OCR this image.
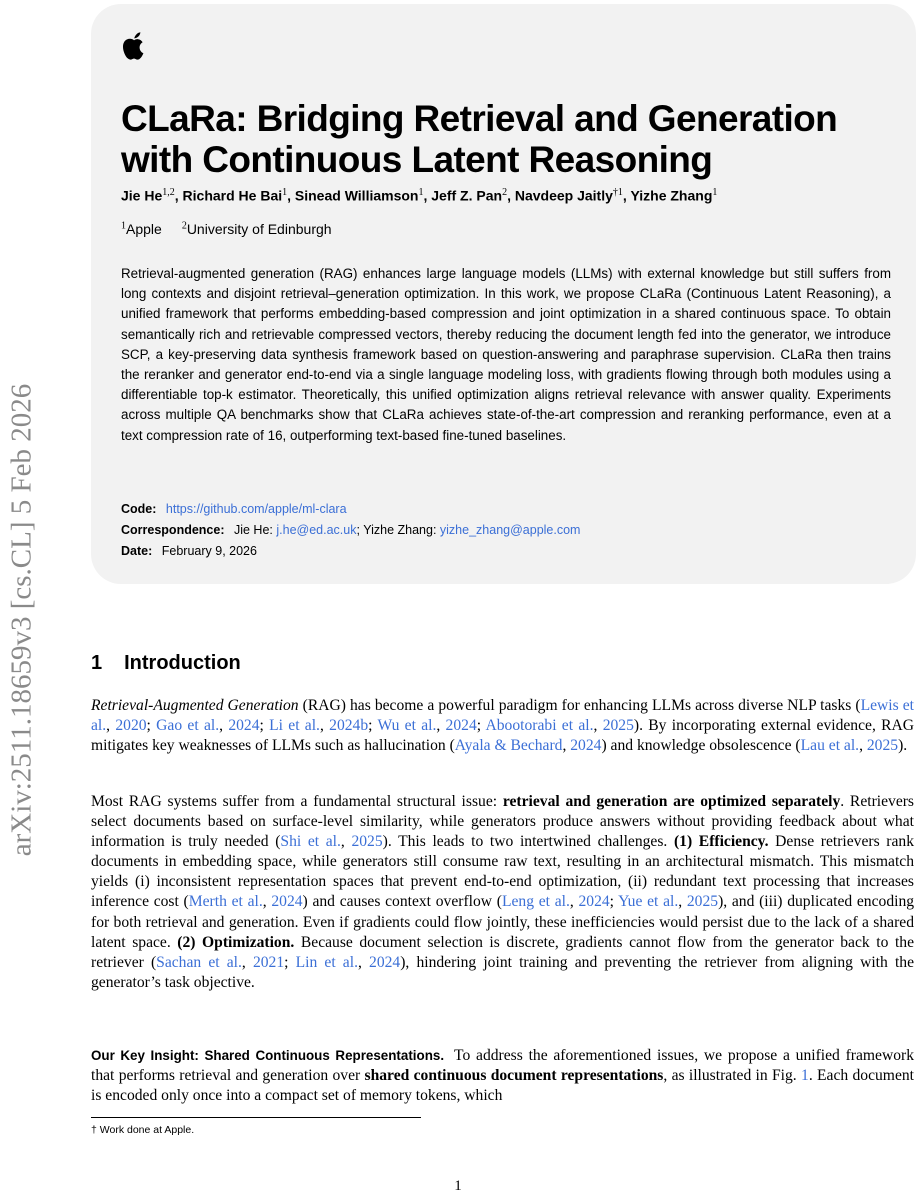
arXiv:2511.18659v3 [cs.CL] 5 Feb 2026
CLaRa: Bridging Retrieval and Generation
with Continuous Latent Reasoning
Jie He$^{1,2}$, Richard He Bai$^1$, Sinead Williamson$^1$, Jeff Z. Pan$^2$, Navdeep Jaitly$^{\dagger 1}$, Yizhe Zhang$^1$
$^1$Apple $^2$University of Edinburgh
Retrieval-augmented generation (RAG) enhances large language models (LLMs) with external knowledge but still suffers from long contexts and disjoint retrieval–generation optimization. In this work, we propose CLaRa (Continuous Latent Reasoning), a unified framework that performs embedding-based compression and joint optimization in a shared continuous space. To obtain semantically rich and retrievable compressed vectors, thereby reducing the document length fed into the generator, we introduce SCP, a key-preserving data synthesis framework based on question-answering and paraphrase supervision. CLaRa then trains the reranker and generator end-to-end via a single language modeling loss, with gradients flowing through both modules using a differentiable top-k estimator. Theoretically, this unified optimization aligns retrieval relevance with answer quality. Experiments across multiple QA benchmarks show that CLaRa achieves state-of-the-art compression and reranking performance, even at a text compression rate of 16, outperforming text-based fine-tuned baselines.
Code: https://github.com/apple/ml-clara
Correspondence: Jie He: j.he@ed.ac.uk; Yizhe Zhang: yizhe_zhang@apple.com
Date: February 9, 2026
1 Introduction
Retrieval-Augmented Generation (RAG) has become a powerful paradigm for enhancing LLMs across diverse NLP tasks (Lewis et al., 2020; Gao et al., 2024; Li et al., 2024b; Wu et al., 2024; Abootorabi et al., 2025). By incorporating external evidence, RAG mitigates key weaknesses of LLMs such as hallucination (Ayala & Bechard, 2024) and knowledge obsolescence (Lau et al., 2025).
Most RAG systems suffer from a fundamental structural issue: retrieval and generation are optimized separately. Retrievers select documents based on surface-level similarity, while generators produce answers without providing feedback about what information is truly needed (Shi et al., 2025). This leads to two intertwined challenges. (1) Efficiency. Dense retrievers rank documents in embedding space, while generators still consume raw text, resulting in an architectural mismatch. This mismatch yields (i) inconsistent representation spaces that prevent end-to-end optimization, (ii) redundant text processing that increases inference cost (Merth et al., 2024) and causes context overflow (Leng et al., 2024; Yue et al., 2025), and (iii) duplicated encoding for both retrieval and generation. Even if gradients could flow jointly, these inefficiencies would persist due to the lack of a shared latent space. (2) Optimization. Because document selection is discrete, gradients cannot flow from the generator back to the retriever (Sachan et al., 2021; Lin et al., 2024), hindering joint training and preventing the retriever from aligning with the generator’s task objective.
Our Key Insight: Shared Continuous Representations. To address the aforementioned issues, we propose a unified framework that performs retrieval and generation over shared continuous document representations, as illustrated in Fig. 1. Each document is encoded only once into a compact set of memory tokens, which
† Work done at Apple.
1
